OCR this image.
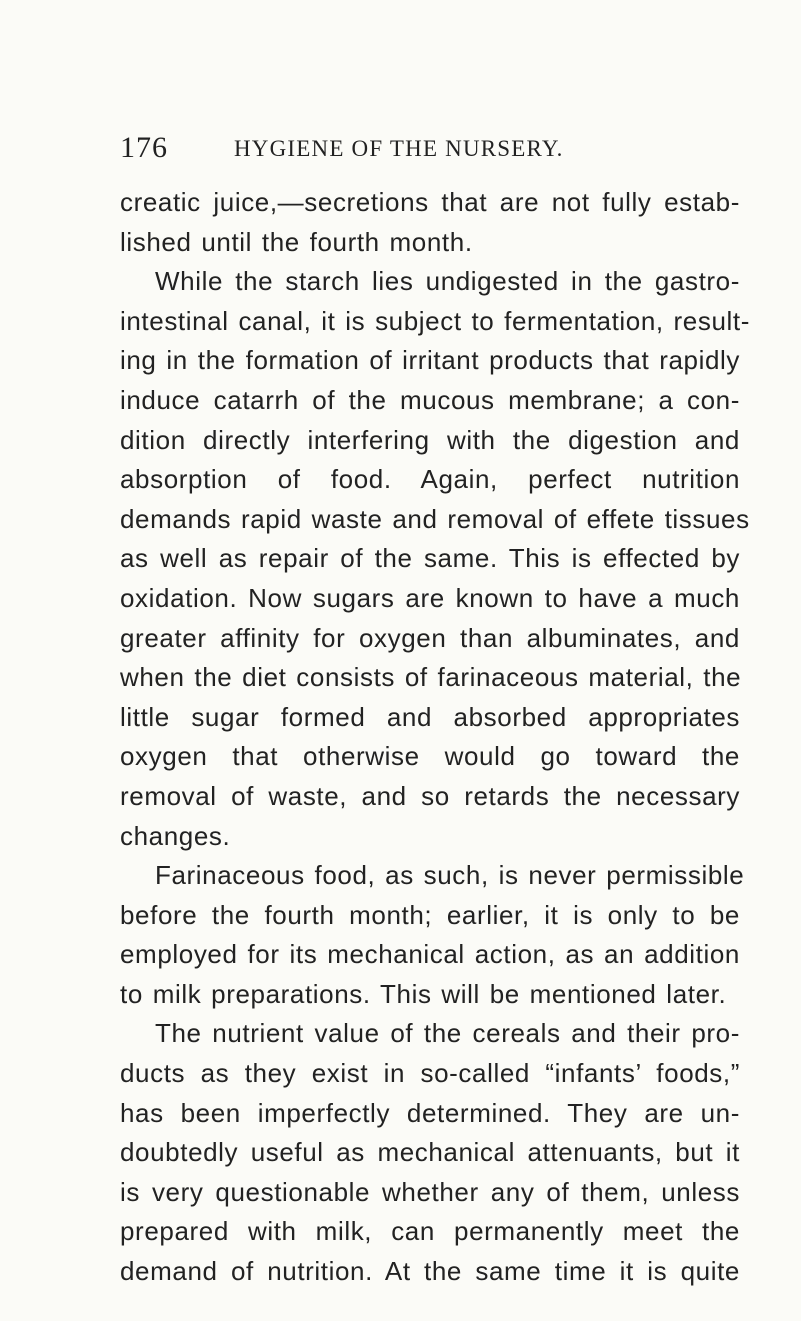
176	HYGIENE OF THE NURSERY.
creatic juice,—secretions that are not fully estab-
lished until the fourth month.
While the starch lies undigested in the gastro-
intestinal canal, it is subject to fermentation, result-
ing in the formation of irritant products that rapidly
induce catarrh of the mucous membrane; a con-
dition directly interfering with the digestion and
absorption of food. Again, perfect nutrition
demands rapid waste and removal of effete tissues
as well as repair of the same. This is effected by
oxidation. Now sugars are known to have a much
greater affinity for oxygen than albuminates, and
when the diet consists of farinaceous material, the
little sugar formed and absorbed appropriates
oxygen that otherwise would go toward the
removal of waste, and so retards the necessary
changes.
Farinaceous food, as such, is never permissible
before the fourth month; earlier, it is only to be
employed for its mechanical action, as an addition
to milk preparations. This will be mentioned later.
The nutrient value of the cereals and their pro-
ducts as they exist in so-called “infants’ foods,”
has been imperfectly determined. They are un-
doubtedly useful as mechanical attenuants, but it
is very questionable whether any of them, unless
prepared with milk, can permanently meet the
demand of nutrition. At the same time it is quite
